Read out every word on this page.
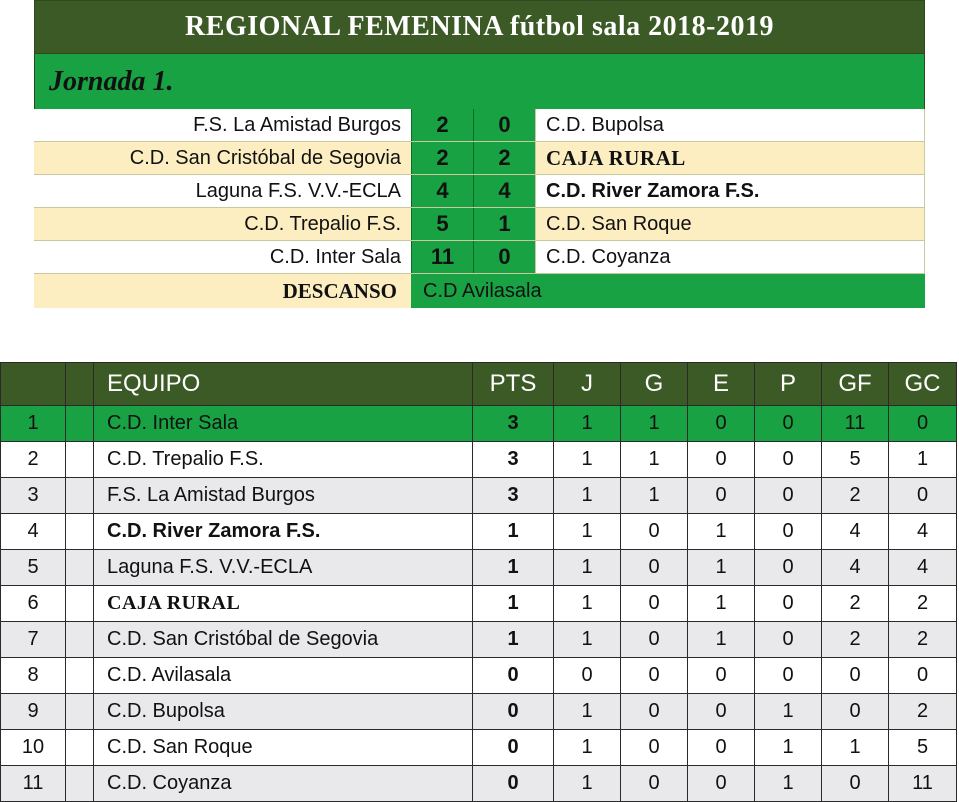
REGIONAL FEMENINA fútbol sala 2018-2019
Jornada 1.
F.S. La Amistad Burgos	2	0	C.D. Bupolsa
C.D. San Cristóbal de Segovia	2	2	CAJA RURAL
Laguna F.S. V.V.-ECLA	4	4	C.D. River Zamora F.S.
C.D. Trepalio F.S.	5	1	C.D. San Roque
C.D. Inter Sala	11	0	C.D. Coyanza
DESCANSO	C.D Avilasala
		EQUIPO	PTS	J	G	E	P	GF	GC
1		C.D. Inter Sala	3	1	1	0	0	11	0
2		C.D. Trepalio F.S.	3	1	1	0	0	5	1
3		F.S. La Amistad Burgos	3	1	1	0	0	2	0
4		C.D. River Zamora F.S.	1	1	0	1	0	4	4
5		Laguna F.S. V.V.-ECLA	1	1	0	1	0	4	4
6		CAJA RURAL	1	1	0	1	0	2	2
7		C.D. San Cristóbal de Segovia	1	1	0	1	0	2	2
8		C.D. Avilasala	0	0	0	0	0	0	0
9		C.D. Bupolsa	0	1	0	0	1	0	2
10		C.D. San Roque	0	1	0	0	1	1	5
11		C.D. Coyanza	0	1	0	0	1	0	11
